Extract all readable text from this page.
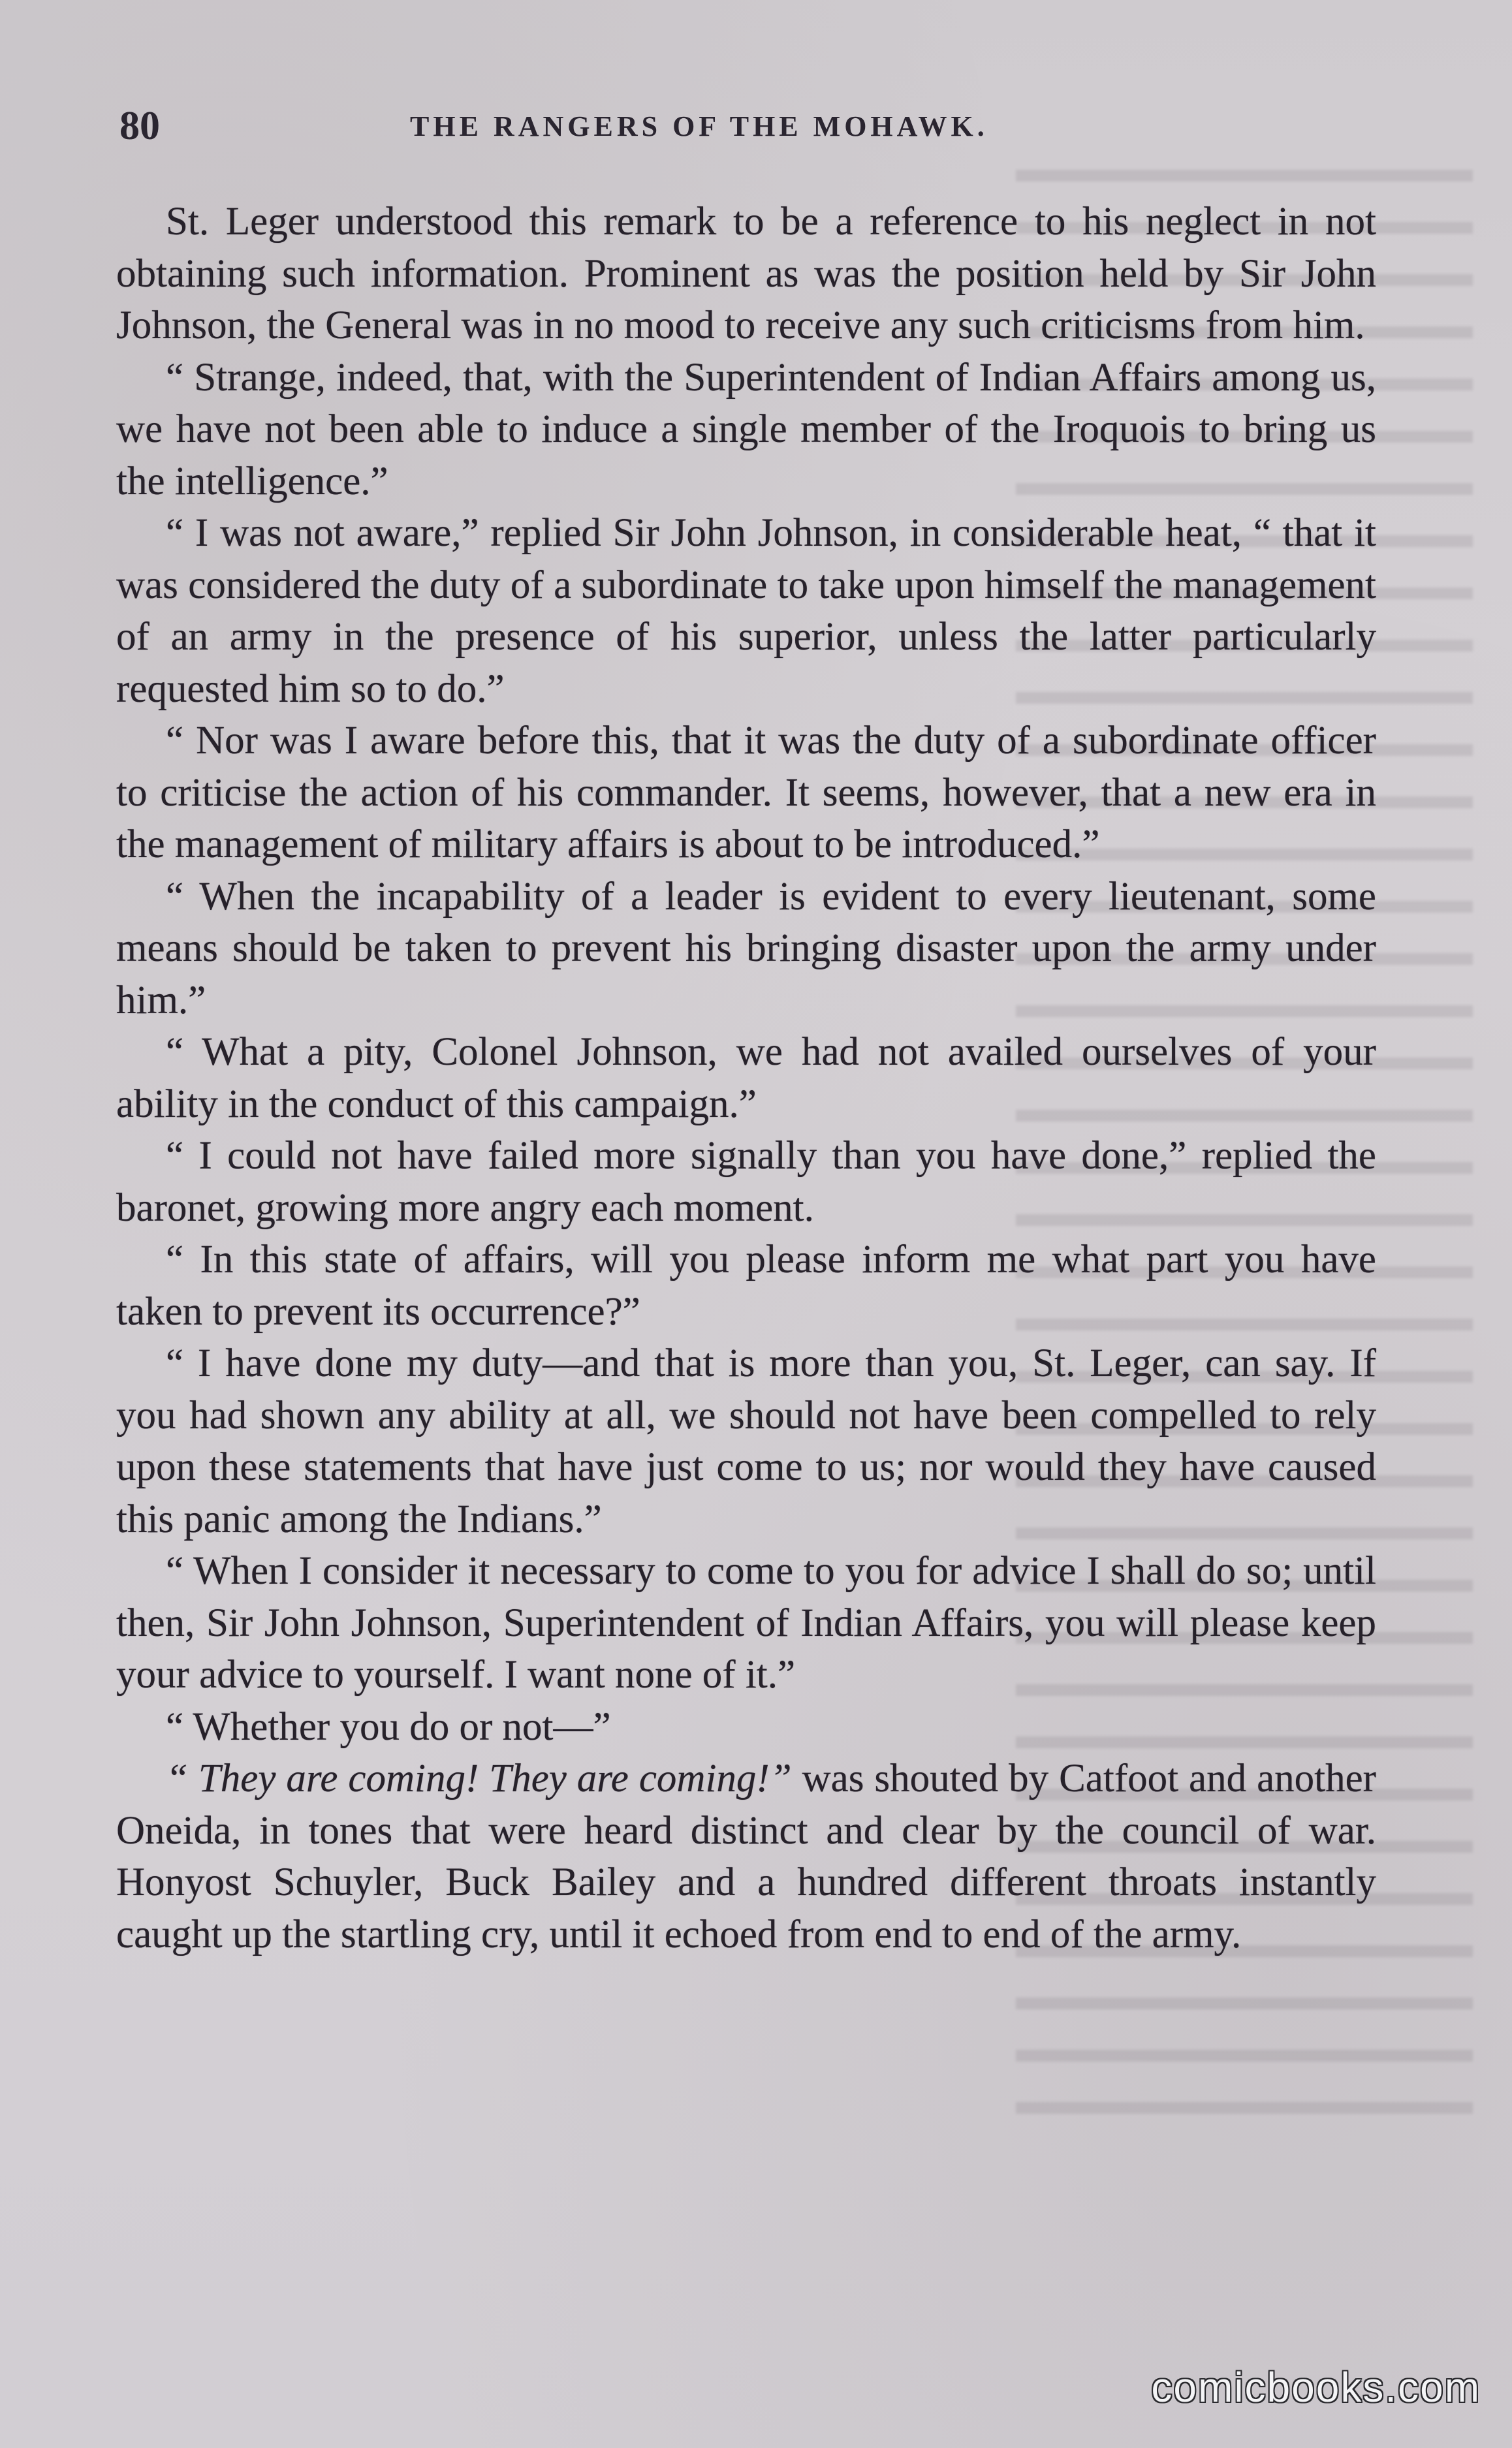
80	THE RANGERS OF THE MOHAWK.

St. Leger understood this remark to be a reference to his neglect in not obtaining such information. Prominent as was the position held by Sir John Johnson, the General was in no mood to receive any such criticisms from him.

“ Strange, indeed, that, with the Superintendent of Indian Affairs among us, we have not been able to induce a single member of the Iroquois to bring us the intelligence.”

“ I was not aware,” replied Sir John Johnson, in considerable heat, “ that it was considered the duty of a subordinate to take upon himself the management of an army in the presence of his superior, unless the latter particularly requested him so to do.”

“ Nor was I aware before this, that it was the duty of a subordinate officer to criticise the action of his commander. It seems, however, that a new era in the management of military affairs is about to be introduced.”

“ When the incapability of a leader is evident to every lieutenant, some means should be taken to prevent his bringing disaster upon the army under him.”

“ What a pity, Colonel Johnson, we had not availed ourselves of your ability in the conduct of this campaign.”

“ I could not have failed more signally than you have done,” replied the baronet, growing more angry each moment.

“ In this state of affairs, will you please inform me what part you have taken to prevent its occurrence?”

“ I have done my duty—and that is more than you, St. Leger, can say. If you had shown any ability at all, we should not have been compelled to rely upon these statements that have just come to us; nor would they have caused this panic among the Indians.”

“ When I consider it necessary to come to you for advice I shall do so; until then, Sir John Johnson, Superintendent of Indian Affairs, you will please keep your advice to yourself. I want none of it.”

“ Whether you do or not—”

“ They are coming! They are coming!” was shouted by Catfoot and another Oneida, in tones that were heard distinct and clear by the council of war. Honyost Schuyler, Buck Bailey and a hundred different throats instantly caught up the startling cry, until it echoed from end to end of the army.

comicbooks.com
